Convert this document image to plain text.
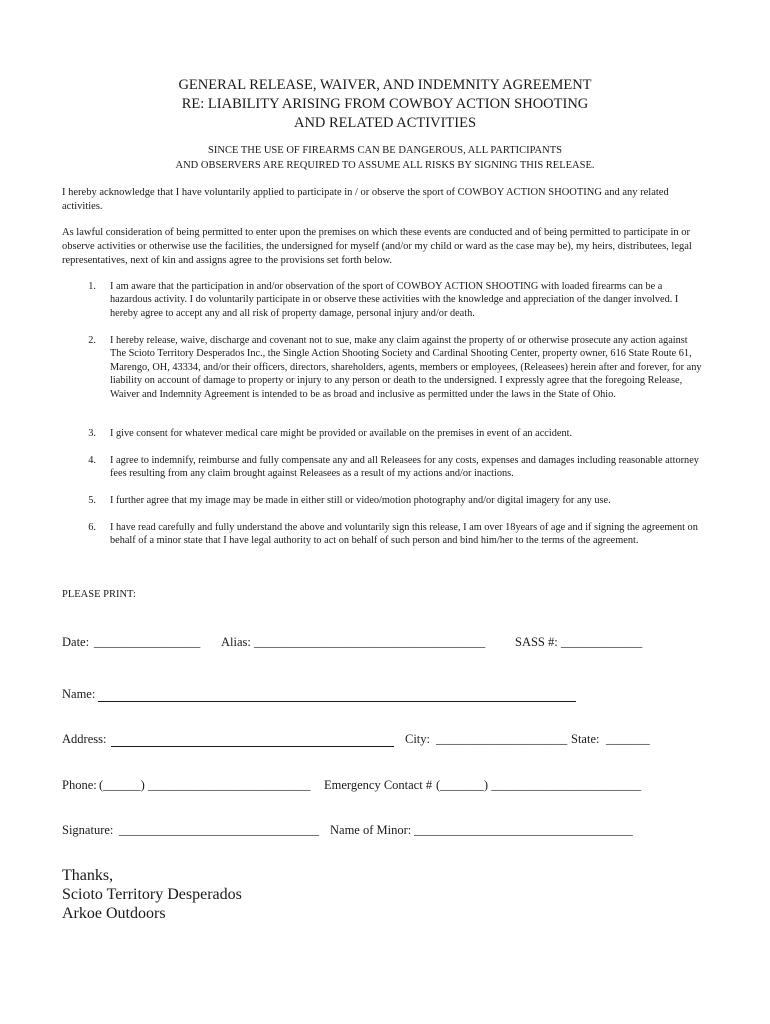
GENERAL RELEASE, WAIVER, AND INDEMNITY AGREEMENT
RE: LIABILITY ARISING FROM COWBOY ACTION SHOOTING
AND RELATED ACTIVITIES
SINCE THE USE OF FIREARMS CAN BE DANGEROUS, ALL PARTICIPANTS
AND OBSERVERS ARE REQUIRED TO ASSUME ALL RISKS BY SIGNING THIS RELEASE.
I hereby acknowledge that I have voluntarily applied to participate in / or observe the sport of COWBOY ACTION SHOOTING and any related activities.
As lawful consideration of being permitted to enter upon the premises on which these events are conducted and of being permitted to participate in or observe activities or otherwise use the facilities, the undersigned for myself (and/or my child or ward as the case may be), my heirs, distributees, legal representatives, next of kin and assigns agree to the provisions set forth below.
1. I am aware that the participation in and/or observation of the sport of COWBOY ACTION SHOOTING with loaded firearms can be a hazardous activity. I do voluntarily participate in or observe these activities with the knowledge and appreciation of the danger involved. I hereby agree to accept any and all risk of property damage, personal injury and/or death.
2. I hereby release, waive, discharge and covenant not to sue, make any claim against the property of or otherwise prosecute any action against The Scioto Territory Desperados Inc., the Single Action Shooting Society and Cardinal Shooting Center, property owner, 616 State Route 61, Marengo, OH, 43334, and/or their officers, directors, shareholders, agents, members or employees, (Releasees) herein after and forever, for any liability on account of damage to property or injury to any person or death to the undersigned. I expressly agree that the foregoing Release, Waiver and Indemnity Agreement is intended to be as broad and inclusive as permitted under the laws in the State of Ohio.
3. I give consent for whatever medical care might be provided or available on the premises in event of an accident.
4. I agree to indemnify, reimburse and fully compensate any and all Releasees for any costs, expenses and damages including reasonable attorney fees resulting from any claim brought against Releasees as a result of my actions and/or inactions.
5. I further agree that my image may be made in either still or video/motion photography and/or digital imagery for any use.
6. I have read carefully and fully understand the above and voluntarily sign this release, I am over 18years of age and if signing the agreement on behalf of a minor state that I have legal authority to act on behalf of such person and bind him/her to the terms of the agreement.
PLEASE PRINT:
Date: _________________ Alias: _____________________________________ SASS #: _____________
Name:
Address:	City: _____________________ State: _______
Phone: (______) __________________________ Emergency Contact # (_______) ________________________
Signature: ________________________________ Name of Minor: ___________________________________
Thanks,
Scioto Territory Desperados
Arkoe Outdoors
